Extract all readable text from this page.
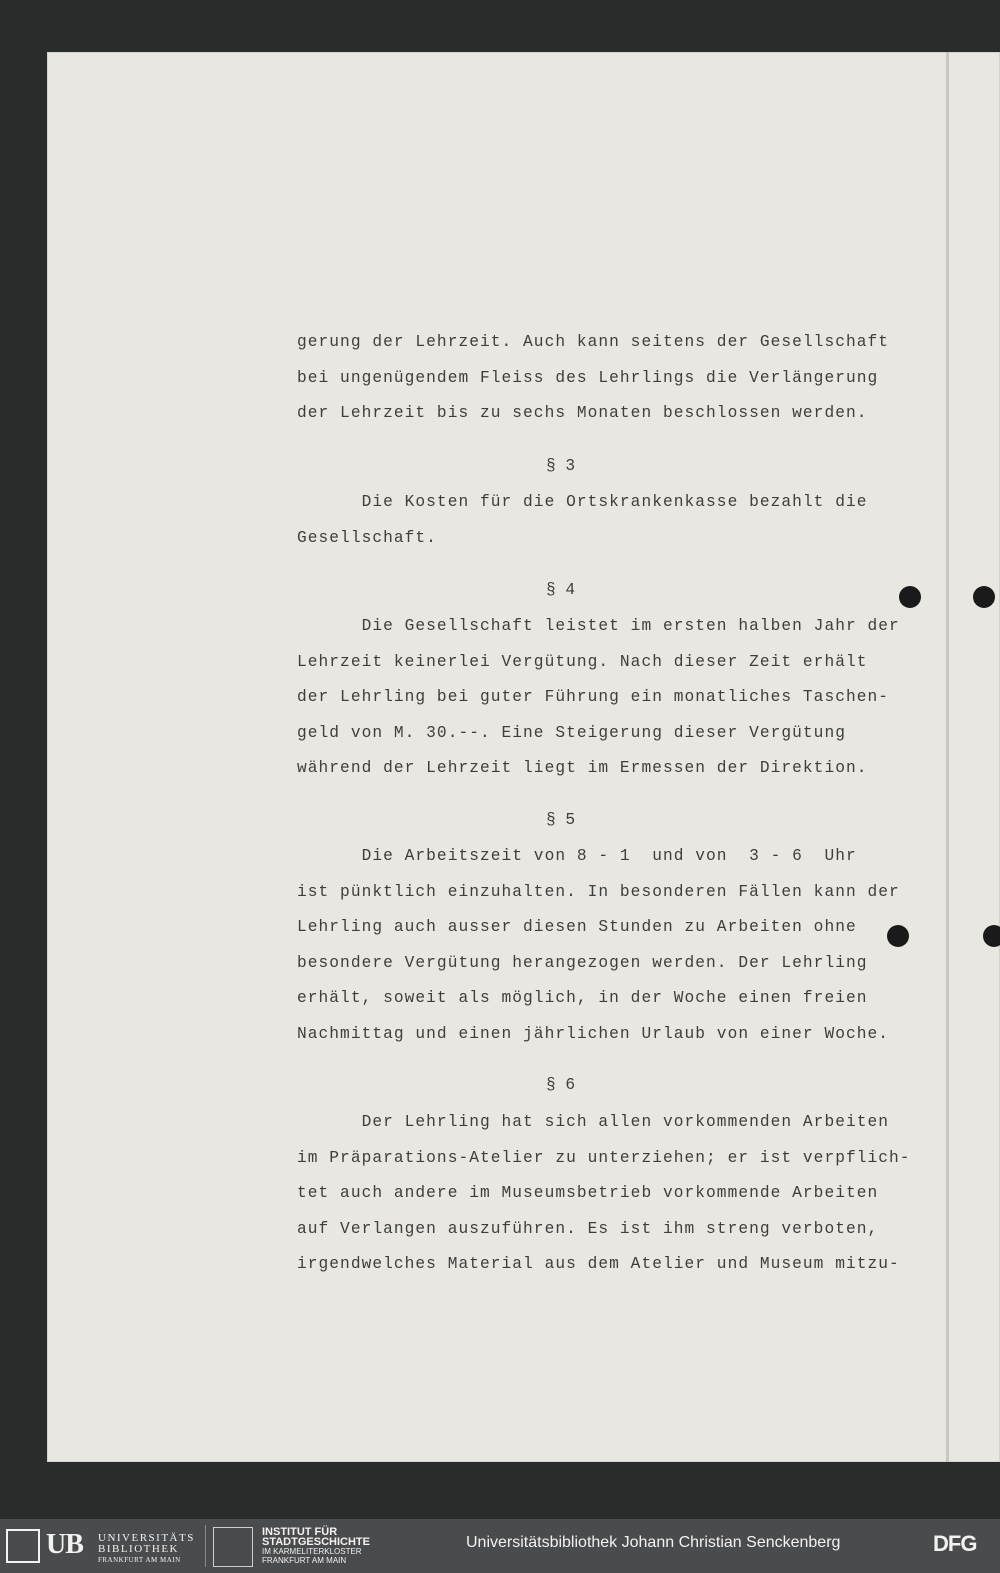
gerung der Lehrzeit. Auch kann seitens der Gesellschaft
bei ungenügendem Fleiss des Lehrlings die Verlängerung
der Lehrzeit bis zu sechs Monaten beschlossen werden.
§ 3
Die Kosten für die Ortskrankenkasse bezahlt die
Gesellschaft.
§ 4
Die Gesellschaft leistet im ersten halben Jahr der
Lehrzeit keinerlei Vergütung. Nach dieser Zeit erhält
der Lehrling bei guter Führung ein monatliches Taschen-
geld von M. 30.--. Eine Steigerung dieser Vergütung
während der Lehrzeit liegt im Ermessen der Direktion.
§ 5
Die Arbeitszeit von 8 - 1  und von  3 - 6  Uhr
ist pünktlich einzuhalten. In besonderen Fällen kann der
Lehrling auch ausser diesen Stunden zu Arbeiten ohne
besondere Vergütung herangezogen werden. Der Lehrling
erhält, soweit als möglich, in der Woche einen freien
Nachmittag und einen jährlichen Urlaub von einer Woche.
§ 6
Der Lehrling hat sich allen vorkommenden Arbeiten
im Präparations-Atelier zu unterziehen; er ist verpflich-
tet auch andere im Museumsbetrieb vorkommende Arbeiten
auf Verlangen auszuführen. Es ist ihm streng verboten,
irgendwelches Material aus dem Atelier und Museum mitzu-
UB UNIVERSITÄTS
BIBLIOTHEK
FRANKFURT AM MAIN
INSTITUT FÜR
STADTGESCHICHTE
IM KARMELITERKLOSTER
FRANKFURT AM MAIN
Universitätsbibliothek Johann Christian Senckenberg	DFG
